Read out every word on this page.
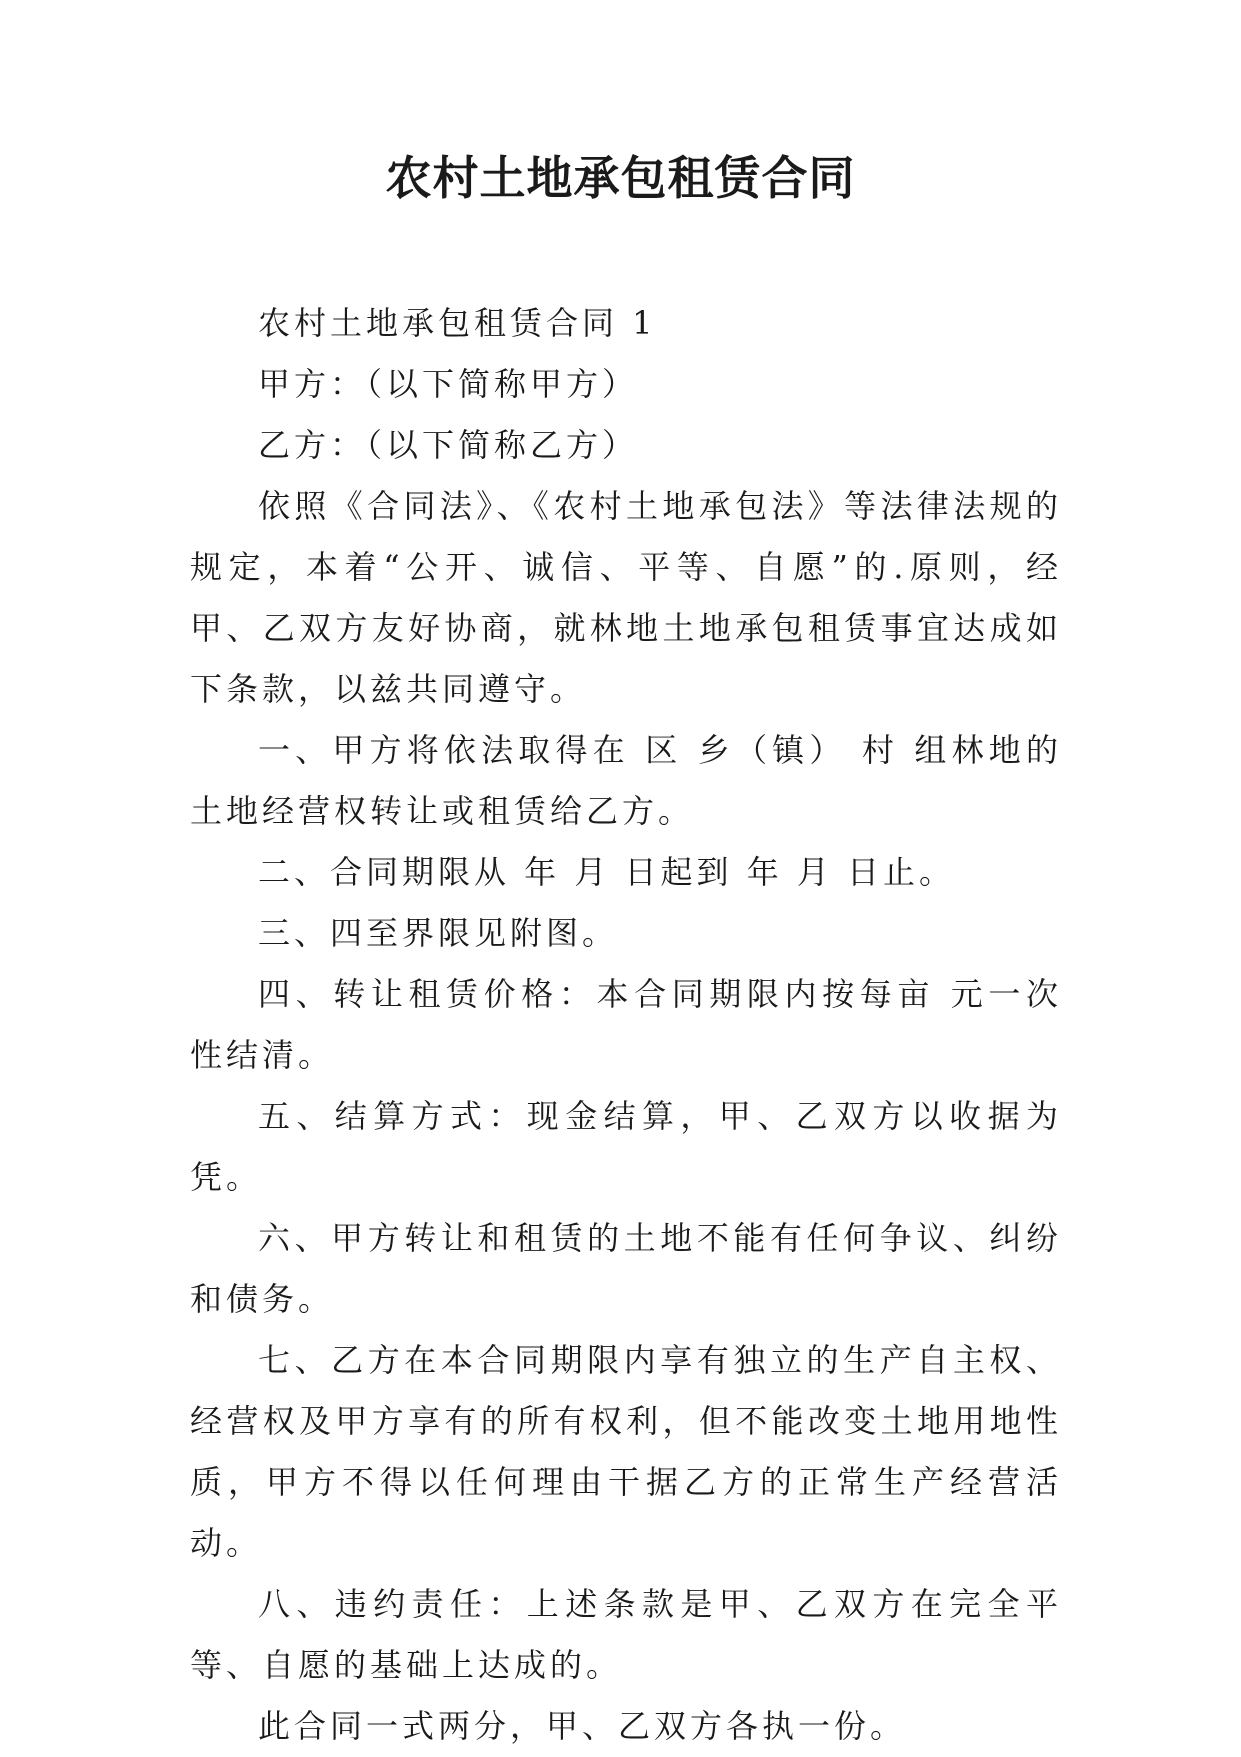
农村土地承包租赁合同

农村土地承包租赁合同 1

甲方：（以下简称甲方）

乙方：（以下简称乙方）

依照《合同法》、《农村土地承包法》等法律法规的规定，本着“公开、诚信、平等、自愿”的.原则，经甲、乙双方友好协商，就林地土地承包租赁事宜达成如下条款，以兹共同遵守。

一、甲方将依法取得在 区 乡（镇） 村 组林地的土地经营权转让或租赁给乙方。

二、合同期限从 年 月 日起到 年 月 日止。

三、四至界限见附图。

四、转让租赁价格：本合同期限内按每亩 元一次性结清。

五、结算方式：现金结算，甲、乙双方以收据为凭。

六、甲方转让和租赁的土地不能有任何争议、纠纷和债务。

七、乙方在本合同期限内享有独立的生产自主权、经营权及甲方享有的所有权利，但不能改变土地用地性质，甲方不得以任何理由干据乙方的正常生产经营活动。

八、违约责任：上述条款是甲、乙双方在完全平等、自愿的基础上达成的。

此合同一式两分，甲、乙双方各执一份。
